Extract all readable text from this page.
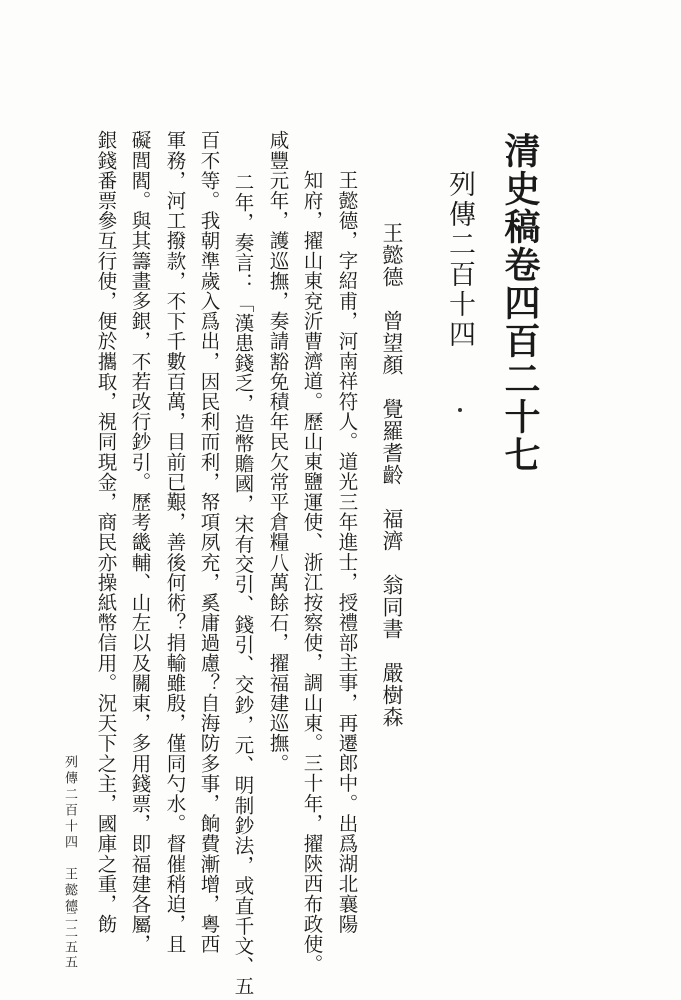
清史稿卷四百二十七
列傳二百十四
王懿德　曾望顏　覺羅耆齡　福濟　翁同書　嚴樹森
王懿德，字紹甫，河南祥符人。道光三年進士，授禮部主事，再遷郎中。出爲湖北襄陽
知府，擢山東兗沂曹濟道。歷山東鹽運使、浙江按察使，調山東。三十年，擢陝西布政使。
咸豐元年，護巡撫，奏請豁免積年民欠常平倉糧八萬餘石，擢福建巡撫。
二年，奏言：「漢患錢乏，造幣贍國，宋有交引、錢引、交鈔，元、明制鈔法，或直千文、五
百不等。我朝準歲入爲出，因民利而利，帑項夙充，奚庸過慮？自海防多事，餉費漸增，粵西
軍務，河工撥款，不下千數百萬，目前已艱，善後何術？捐輸雖殷，僅同勺水。督催稍迫，且
礙閭閻。與其籌畫多銀，不若改行鈔引。歷考畿輔、山左以及關東，多用錢票，即福建各屬，
列傳二百十四　王懿德
一二二五五 銀錢番票參互行使，便於攜取，視同現金，商民亦操紙幣信用。況天下之主，國庫之重，飭
